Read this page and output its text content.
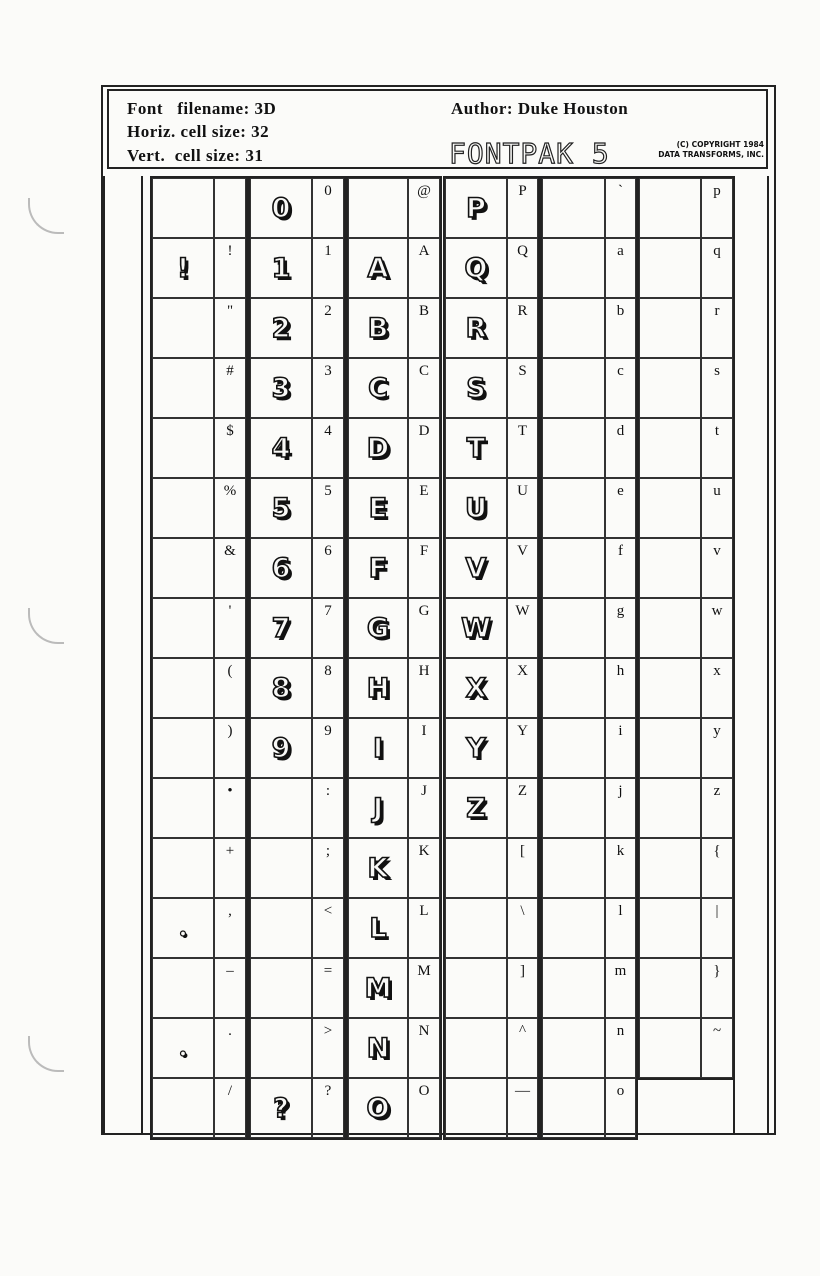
Font filename: 3D
Horiz. cell size: 32
Vert.  cell size: 31
Author: Duke Houston
FONTPAK 5	(C) COPYRIGHT 1984
DATA TRANSFORMS, INC.
!
!
"
#
$
%
&
'
(
)
•
+
•
,
–
•
.
/
0
0
1
1
2
2
3
3
4
4
5
5
6
6
7
7
8
8
9
9
:
;
<
=
>
?
?
@
A
A
B
B
C
C
D
D
E
E
F
F
G
G
H
H
I
I
J
J
K
K
L
L
M
M
N
N
O
O
P
P
Q
Q
R
R
S
S
T
T
U
U
V
V
W
W
X
X
Y
Y
Z
Z
[
\
]
^
—
`
a
b
c
d
e
f
g
h
i
j
k
l
m
n
o
p
q
r
s
t
u
v
w
x
y
z
{
|
}
~
